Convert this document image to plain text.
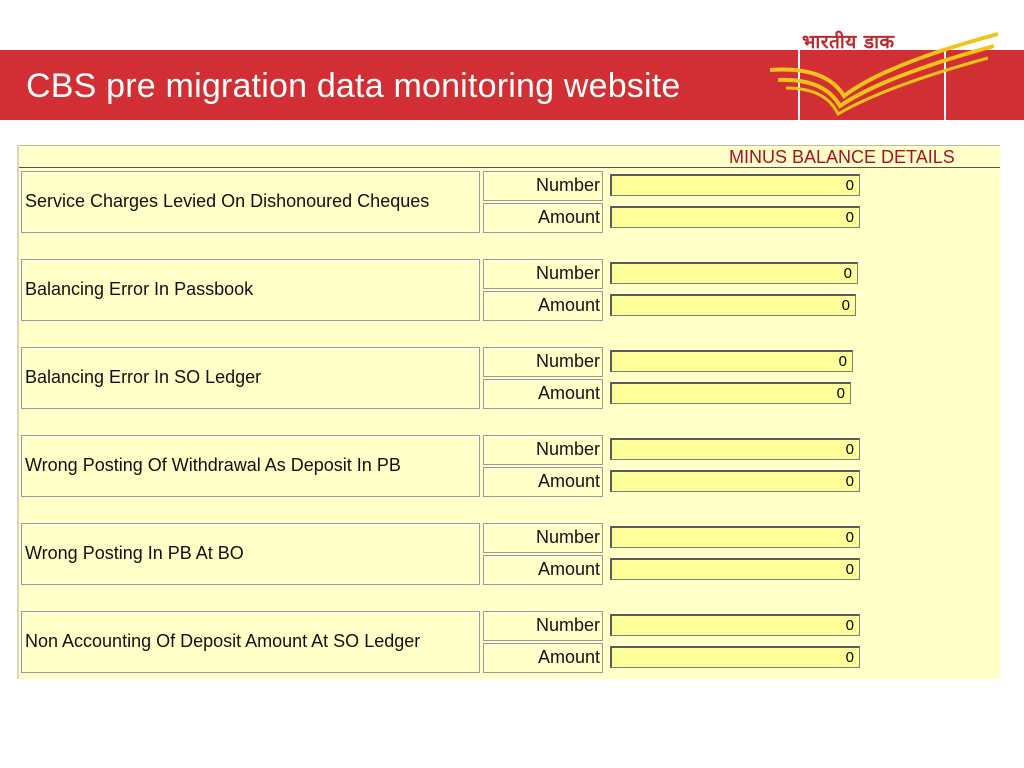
CBS pre migration data monitoring website
भारतीय डाक
MINUS BALANCE DETAILS
Service Charges Levied On Dishonoured Cheques
Number
Amount
0
0
Balancing Error In Passbook
Number
Amount
0
0
Balancing Error In SO Ledger
Number
Amount
0
0
Wrong Posting Of Withdrawal As Deposit In PB
Number
Amount
0
0
Wrong Posting In PB At BO
Number
Amount
0
0
Non Accounting Of Deposit Amount At SO Ledger
Number
Amount
0
0
